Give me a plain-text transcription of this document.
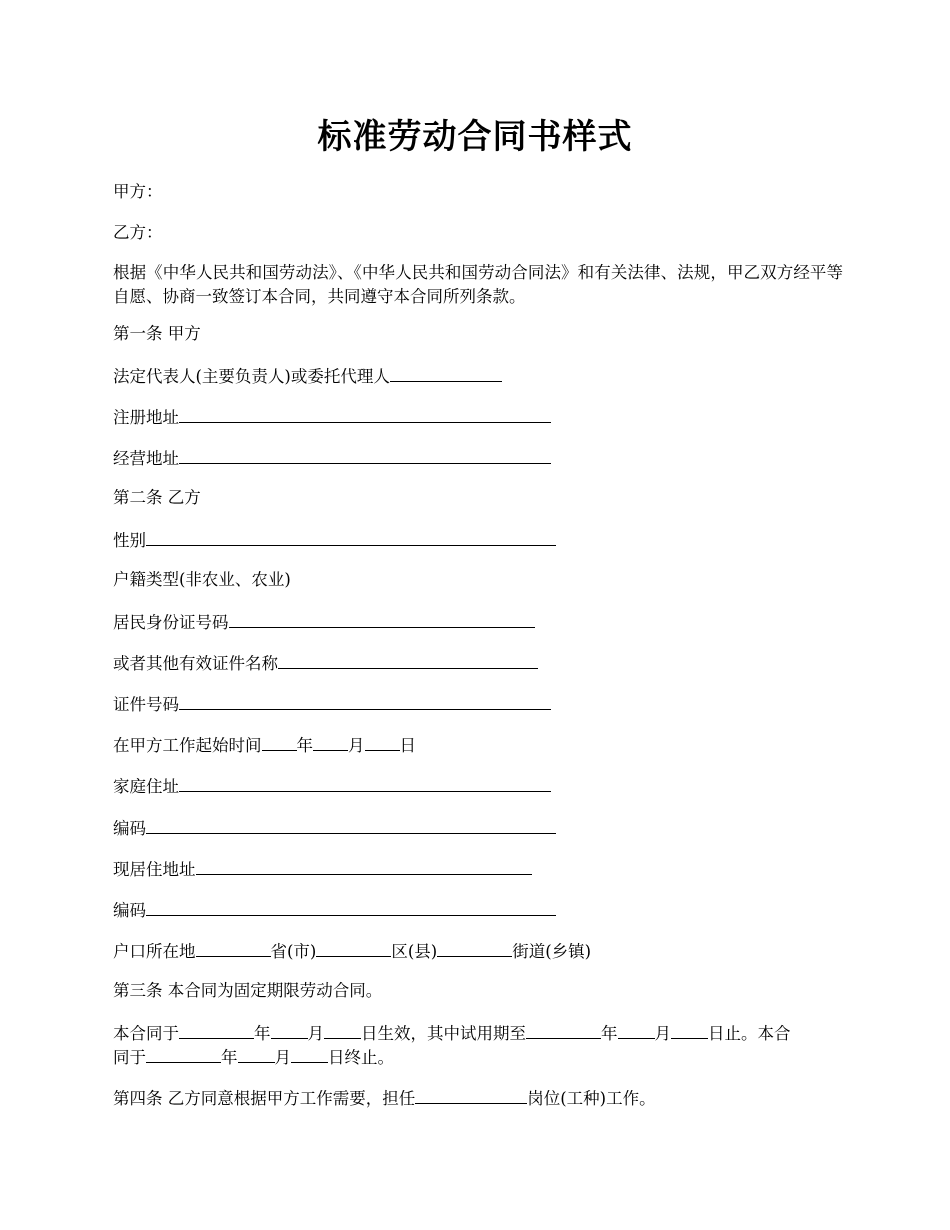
标准劳动合同书样式
甲方：
乙方：
根据《中华人民共和国劳动法》、《中华人民共和国劳动合同法》和有关法律、法规，甲乙双方经平等自愿、协商一致签订本合同，共同遵守本合同所列条款。
第一条 甲方
法定代表人(主要负责人)或委托代理人
注册地址
经营地址
第二条 乙方
性别
户籍类型(非农业、农业)
居民身份证号码
或者其他有效证件名称
证件号码
在甲方工作起始时间 年 月 日
家庭住址
编码
现居住地址
编码
户口所在地	省(市)	区(县)	街道(乡镇)
第三条 本合同为固定期限劳动合同。
本合同于	年 月 日生效，其中试用期至	年 月 日止。本合
同于	年 月 日终止。
第四条 乙方同意根据甲方工作需要，担任	岗位(工种)工作。
